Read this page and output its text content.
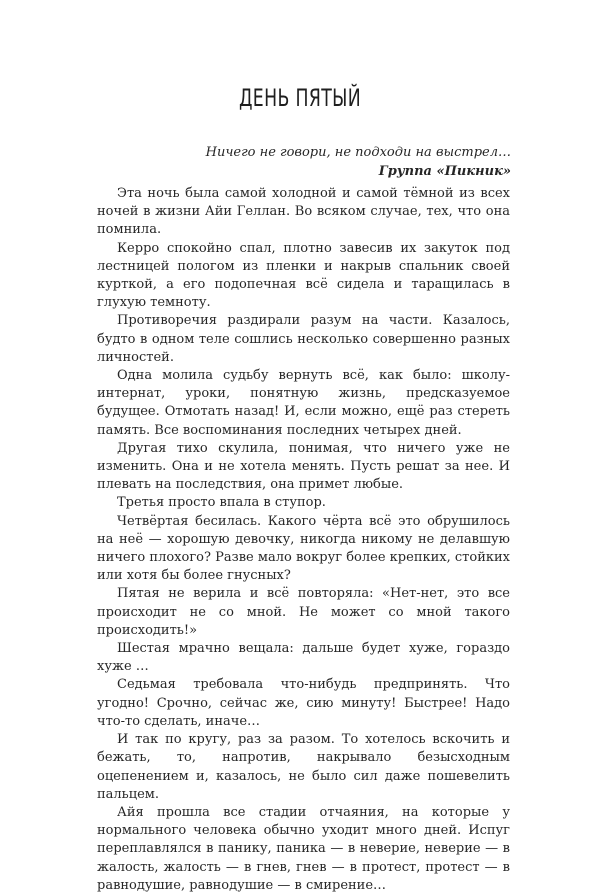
ДЕНЬ ПЯТЫЙ
Ничего не говори, не подходи на выстрел…
Группа «Пикник»

Эта ночь была самой холодной и самой тёмной из всех ночей в жизни Айи Геллан. Во всяком случае, тех, что она помнила.

Керро спокойно спал, плотно завесив их закуток под лестницей пологом из пленки и накрыв спальник своей курткой, а его подопечная всё сидела и таращилась в глухую темноту.

Противоречия раздирали разум на части. Казалось, будто в одном теле сошлись несколько совершенно разных личностей.

Одна молила судьбу вернуть всё, как было: школу-интернат, уроки, понятную жизнь, предсказуемое будущее. Отмотать назад! И, если можно, ещё раз стереть память. Все воспоминания последних четырех дней.

Другая тихо скулила, понимая, что ничего уже не изменить. Она и не хотела менять. Пусть решат за нее. И плевать на последствия, она примет любые.

Третья просто впала в ступор.

Четвёртая бесилась. Какого чёрта всё это обрушилось на неё — хорошую девочку, никогда никому не делавшую ничего плохого? Разве мало вокруг более крепких, стойких или хотя бы более гнусных?

Пятая не верила и всё повторяла: «Нет-нет, это все происходит не со мной. Не может со мной такого происходить!»

Шестая мрачно вещала: дальше будет хуже, гораздо хуже …

Седьмая требовала что-нибудь предпринять. Что угодно! Срочно, сейчас же, сию минуту! Быстрее! Надо что-то сделать, иначе…

И так по кругу, раз за разом. То хотелось вскочить и бежать, то, напротив, накрывало безысходным оцепенением и, казалось, не было сил даже пошевелить пальцем.

Айя прошла все стадии отчаяния, на которые у нормального человека обычно уходит много дней. Испуг переплавлялся в панику, паника — в неверие, неверие — в жалость, жалость — в гнев, гнев — в протест, протест — в равнодушие, равнодушие — в смирение…
